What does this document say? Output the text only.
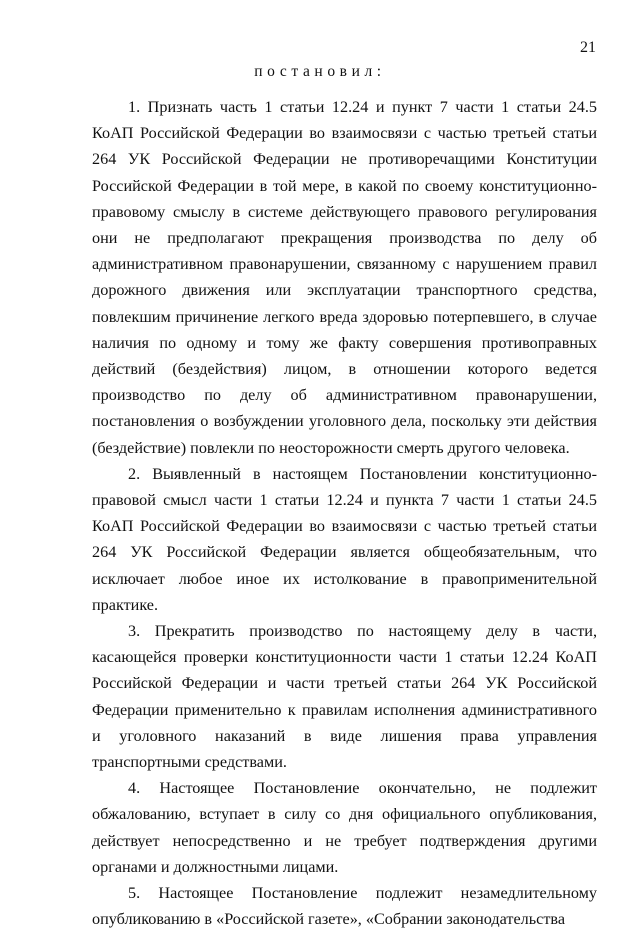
21
постановил:

1. Признать часть 1 статьи 12.24 и пункт 7 части 1 статьи 24.5 КоАП Российской Федерации во взаимосвязи с частью третьей статьи 264 УК Российской Федерации не противоречащими Конституции Российской Федерации в той мере, в какой по своему конституционно-правовому смыслу в системе действующего правового регулирования они не предполагают прекращения производства по делу об административном правонарушении, связанному с нарушением правил дорожного движения или эксплуатации транспортного средства, повлекшим причинение легкого вреда здоровью потерпевшего, в случае наличия по одному и тому же факту совершения противоправных действий (бездействия) лицом, в отношении которого ведется производство по делу об административном правонарушении, постановления о возбуждении уголовного дела, поскольку эти действия (бездействие) повлекли по неосторожности смерть другого человека.

2. Выявленный в настоящем Постановлении конституционно-правовой смысл части 1 статьи 12.24 и пункта 7 части 1 статьи 24.5 КоАП Российской Федерации во взаимосвязи с частью третьей статьи 264 УК Российской Федерации является общеобязательным, что исключает любое иное их истолкование в правоприменительной практике.

3. Прекратить производство по настоящему делу в части, касающейся проверки конституционности части 1 статьи 12.24 КоАП Российской Федерации и части третьей статьи 264 УК Российской Федерации применительно к правилам исполнения административного и уголовного наказаний в виде лишения права управления транспортными средствами.

4. Настоящее Постановление окончательно, не подлежит обжалованию, вступает в силу со дня официального опубликования, действует непосредственно и не требует подтверждения другими органами и должностными лицами.

5. Настоящее Постановление подлежит незамедлительному опубликованию в «Российской газете», «Собрании законодательства
